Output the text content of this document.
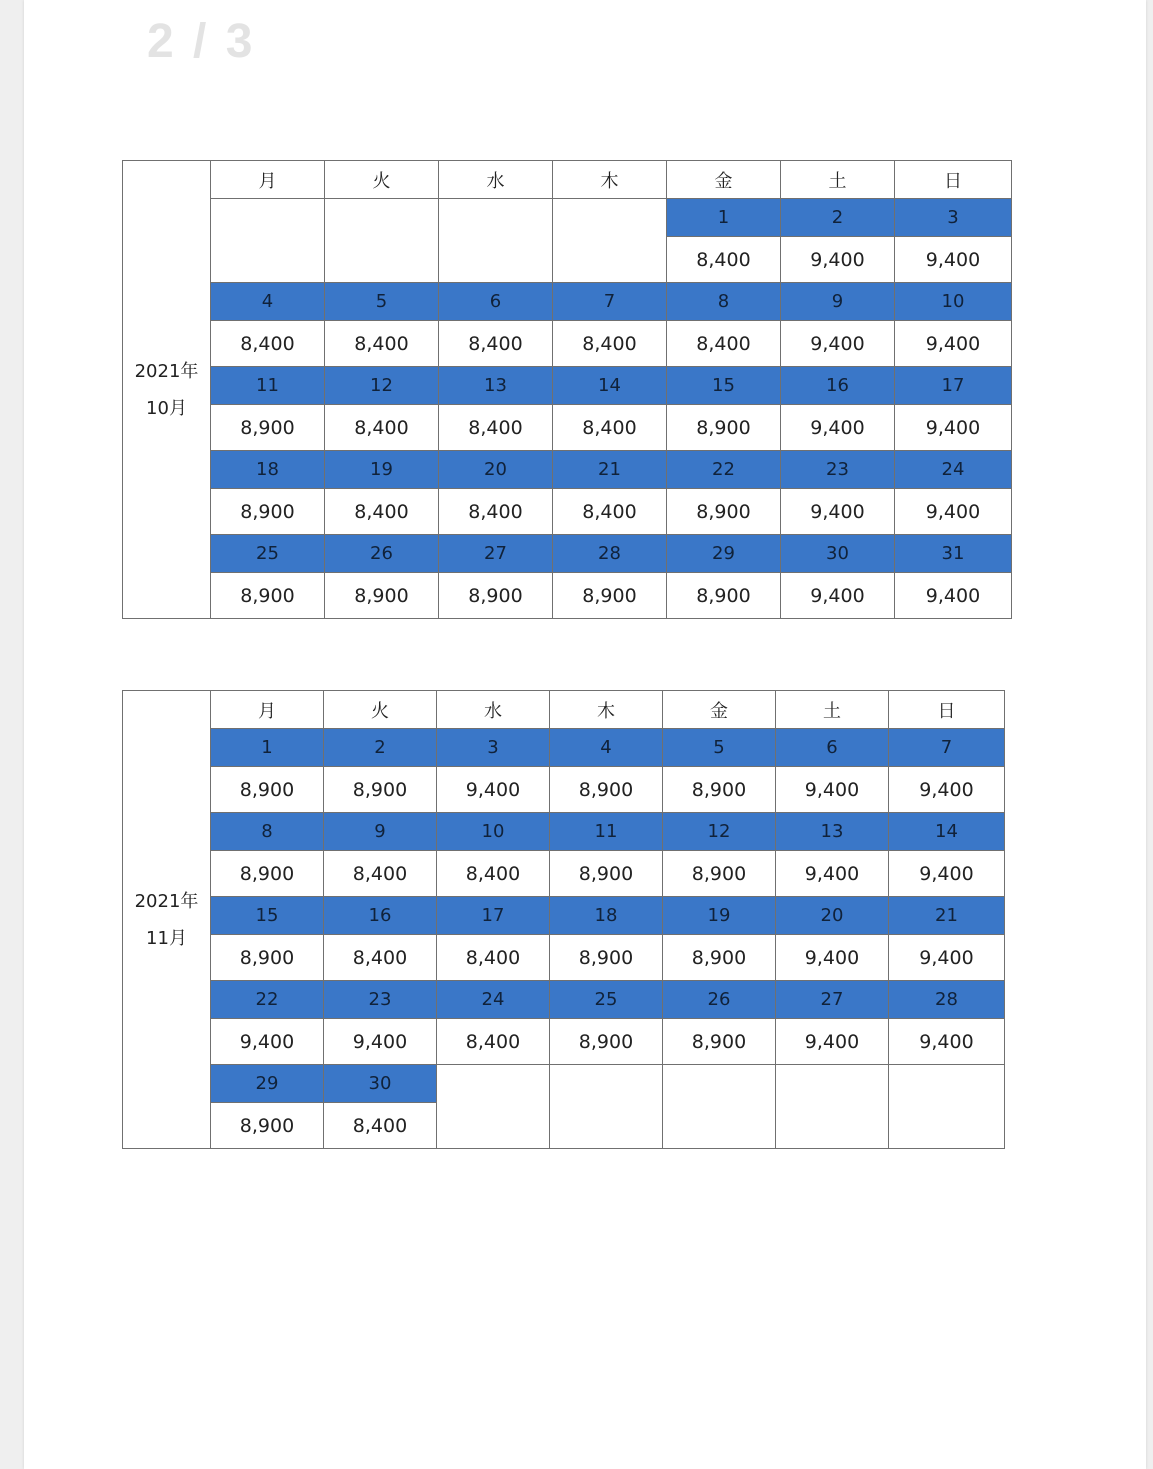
2 / 3
2021年
10月	月	火	水	木	金	土	日
					1	2	3
					8,400	9,400	9,400
	4	5	6	7	8	9	10
	8,400	8,400	8,400	8,400	8,400	9,400	9,400
	11	12	13	14	15	16	17
	8,900	8,400	8,400	8,400	8,900	9,400	9,400
	18	19	20	21	22	23	24
	8,900	8,400	8,400	8,400	8,900	9,400	9,400
	25	26	27	28	29	30	31
	8,900	8,900	8,900	8,900	8,900	9,400	9,400
2021年
11月	月	火	水	木	金	土	日
	1	2	3	4	5	6	7
	8,900	8,900	9,400	8,900	8,900	9,400	9,400
	8	9	10	11	12	13	14
	8,900	8,400	8,400	8,900	8,900	9,400	9,400
	15	16	17	18	19	20	21
	8,900	8,400	8,400	8,900	8,900	9,400	9,400
	22	23	24	25	26	27	28
	9,400	9,400	8,400	8,900	8,900	9,400	9,400
	29	30					
	8,900	8,400					
